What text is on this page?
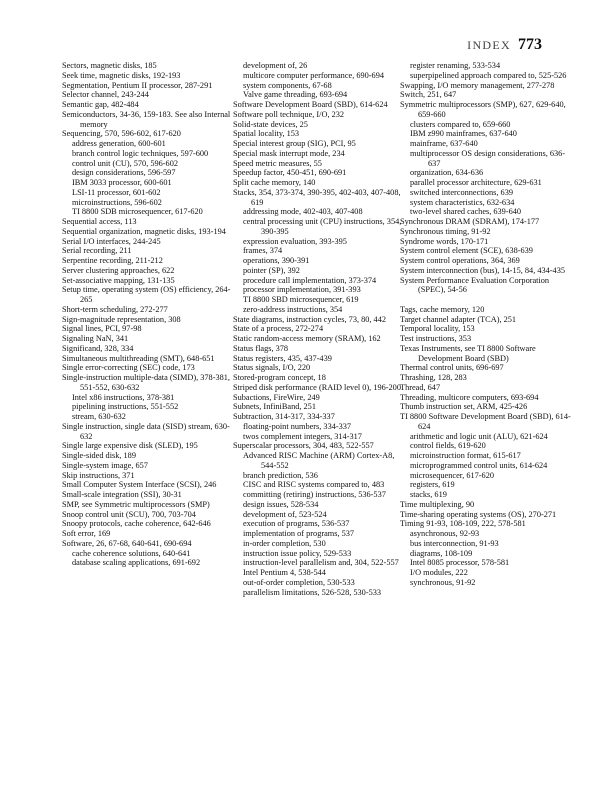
INDEX 773
Sectors, magnetic disks, 185
Seek time, magnetic disks, 192-193
Segmentation, Pentium II processor, 287-291
Selector channel, 243-244
Semantic gap, 482-484
Semiconductors, 34-36, 159-183. See also Internal memory
Sequencing, 570, 596-602, 617-620
address generation, 600-601
branch control logic techniques, 597-600
control unit (CU), 570, 596-602
design considerations, 596-597
IBM 3033 processor, 600-601
LSI-11 processor, 601-602
microinstructions, 596-602
TI 8800 SDB microsequencer, 617-620
Sequential access, 113
Sequential organization, magnetic disks, 193-194
Serial I/O interfaces, 244-245
Serial recording, 211
Serpentine recording, 211-212
Server clustering approaches, 622
Set-associative mapping, 131-135
Setup time, operating system (OS) efficiency, 264-265
Short-term scheduling, 272-277
Sign-magnitude representation, 308
Signal lines, PCI, 97-98
Signaling NaN, 341
Significand, 328, 334
Simultaneous multithreading (SMT), 648-651
Single error-correcting (SEC) code, 173
Single-instruction multiple-data (SIMD), 378-381, 551-552, 630-632
Intel x86 instructions, 378-381
pipelining instructions, 551-552
stream, 630-632
Single instruction, single data (SISD) stream, 630-632
Single large expensive disk (SLED), 195
Single-sided disk, 189
Single-system image, 657
Skip instructions, 371
Small Computer System Interface (SCSI), 246
Small-scale integration (SSI), 30-31
SMP, see Symmetric multiprocessors (SMP)
Snoop control unit (SCU), 700, 703-704
Snoopy protocols, cache coherence, 642-646
Soft error, 169
Software, 26, 67-68, 640-641, 690-694
cache coherence solutions, 640-641
database scaling applications, 691-692
development of, 26
multicore computer performance, 690-694
system components, 67-68
Valve game threading, 693-694
Software Development Board (SBD), 614-624
Software poll technique, I/O, 232
Solid-state devices, 25
Spatial locality, 153
Special interest group (SIG), PCI, 95
Special mask interrupt mode, 234
Speed metric measures, 55
Speedup factor, 450-451, 690-691
Split cache memory, 140
Stacks, 354, 373-374, 390-395, 402-403, 407-408, 619
addressing mode, 402-403, 407-408
central processing unit (CPU) instructions, 354, 390-395
expression evaluation, 393-395
frames, 374
operations, 390-391
pointer (SP), 392
procedure call implementation, 373-374
processor implementation, 391-393
TI 8800 SBD microsequencer, 619
zero-address instructions, 354
State diagrams, instruction cycles, 73, 80, 442
State of a process, 272-274
Static random-access memory (SRAM), 162
Status flags, 378
Status registers, 435, 437-439
Status signals, I/O, 220
Stored-program concept, 18
Striped disk performance (RAID level 0), 196-200
Subactions, FireWire, 249
Subnets, InfiniBand, 251
Subtraction, 314-317, 334-337
floating-point numbers, 334-337
twos complement integers, 314-317
Superscalar processors, 304, 483, 522-557
Advanced RISC Machine (ARM) Cortex-A8, 544-552
branch prediction, 536
CISC and RISC systems compared to, 483
committing (retiring) instructions, 536-537
design issues, 528-534
development of, 523-524
execution of programs, 536-537
implementation of programs, 537
in-order completion, 530
instruction issue policy, 529-533
instruction-level parallelism and, 304, 522-557
Intel Pentium 4, 538-544
out-of-order completion, 530-533
parallelism limitations, 526-528, 530-533
register renaming, 533-534
superpipelined approach compared to, 525-526
Swapping, I/O memory management, 277-278
Switch, 251, 647
Symmetric multiprocessors (SMP), 627, 629-640, 659-660
clusters compared to, 659-660
IBM z990 mainframes, 637-640
mainframe, 637-640
multiprocessor OS design considerations, 636-637
organization, 634-636
parallel processor architecture, 629-631
switched interconnections, 639
system characteristics, 632-634
two-level shared caches, 639-640
Synchronous DRAM (SDRAM), 174-177
Synchronous timing, 91-92
Syndrome words, 170-171
System control element (SCE), 638-639
System control operations, 364, 369
System interconnection (bus), 14-15, 84, 434-435
System Performance Evaluation Corporation (SPEC), 54-56
Tags, cache memory, 120
Target channel adapter (TCA), 251
Temporal locality, 153
Test instructions, 353
Texas Instruments, see TI 8800 Software Development Board (SBD)
Thermal control units, 696-697
Thrashing, 128, 283
Thread, 647
Threading, multicore computers, 693-694
Thumb instruction set, ARM, 425-426
TI 8800 Software Development Board (SBD), 614-624
arithmetic and logic unit (ALU), 621-624
control fields, 619-620
microinstruction format, 615-617
microprogrammed control units, 614-624
microsequencer, 617-620
registers, 619
stacks, 619
Time multiplexing, 90
Time-sharing operating systems (OS), 270-271
Timing 91-93, 108-109, 222, 578-581
asynchronous, 92-93
bus interconnection, 91-93
diagrams, 108-109
Intel 8085 processor, 578-581
I/O modules, 222
synchronous, 91-92
